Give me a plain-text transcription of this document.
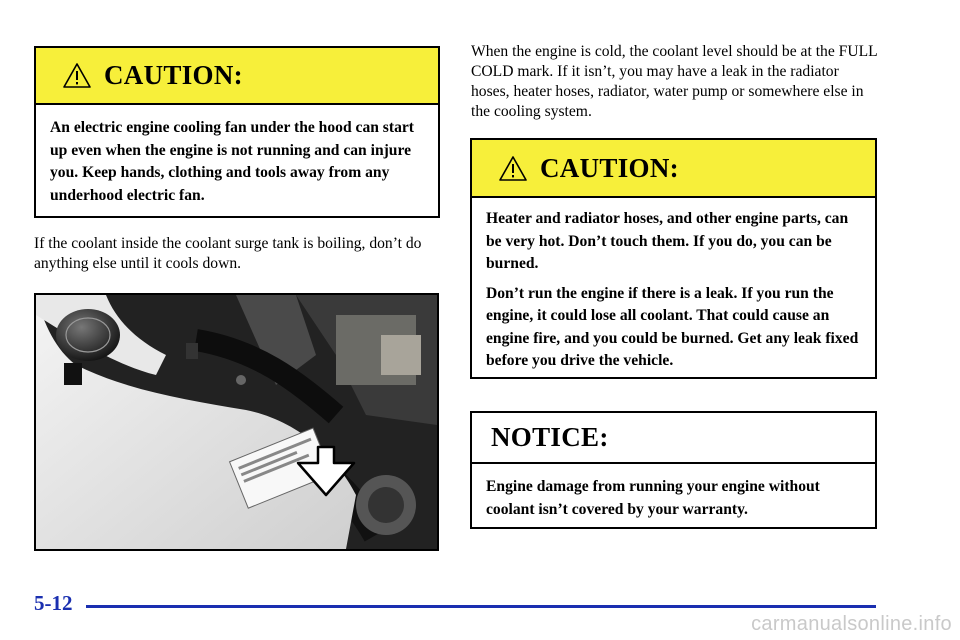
CAUTION:

An electric engine cooling fan under the hood can start up even when the engine is not running and can injure you. Keep hands, clothing and tools away from any underhood electric fan.

If the coolant inside the coolant surge tank is boiling, don’t do anything else until it cools down.

When the engine is cold, the coolant level should be at the FULL COLD mark. If it isn’t, you may have a leak in the radiator hoses, heater hoses, radiator, water pump or somewhere else in the cooling system.

CAUTION:

Heater and radiator hoses, and other engine parts, can be very hot. Don’t touch them. If you do, you can be burned.

Don’t run the engine if there is a leak. If you run the engine, it could lose all coolant. That could cause an engine fire, and you could be burned. Get any leak fixed before you drive the vehicle.

NOTICE:

Engine damage from running your engine without coolant isn’t covered by your warranty.

5-12
carmanualsonline.info
